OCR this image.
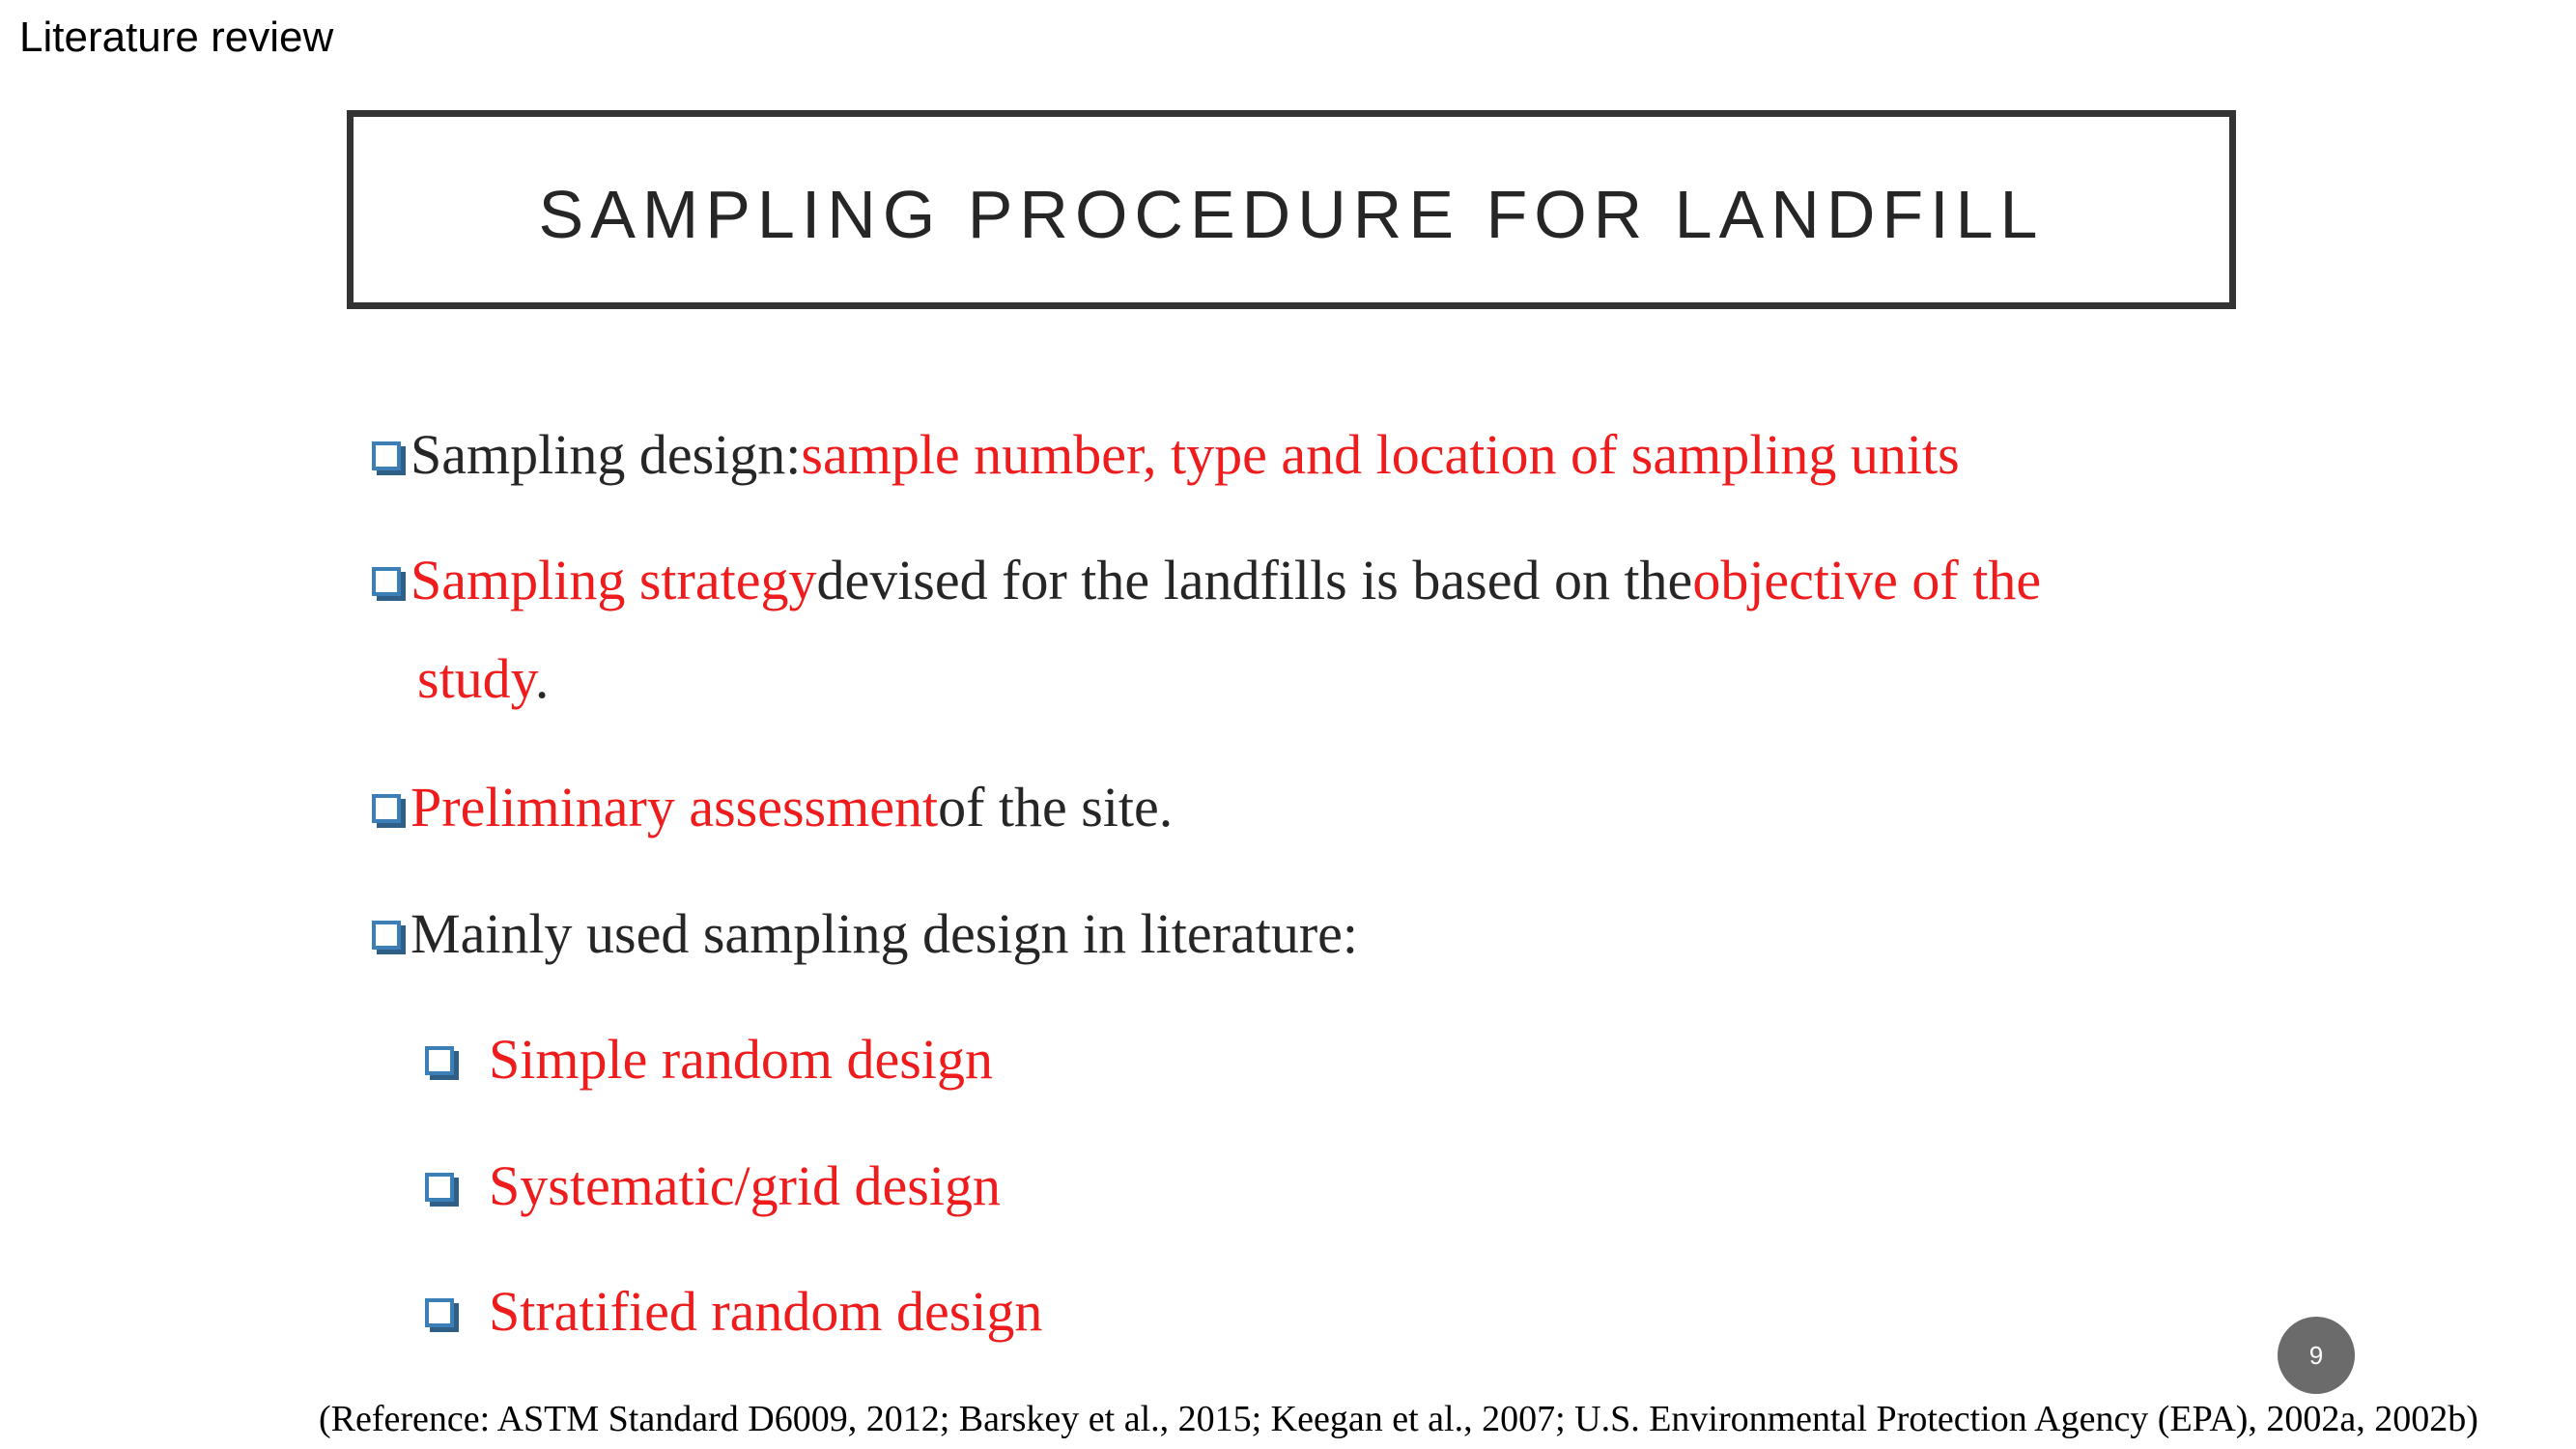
Literature review
SAMPLING PROCEDURE FOR LANDFILL
Sampling design: sample number, type and location of sampling units
Sampling strategy devised for the landfills is based on the objective of the
study.
Preliminary assessment of the site.
Mainly used sampling design in literature:
Simple random design
Systematic/grid design
Stratified random design
9
(Reference: ASTM Standard D6009, 2012; Barskey et al., 2015; Keegan et al., 2007; U.S. Environmental Protection Agency (EPA), 2002a, 2002b)
